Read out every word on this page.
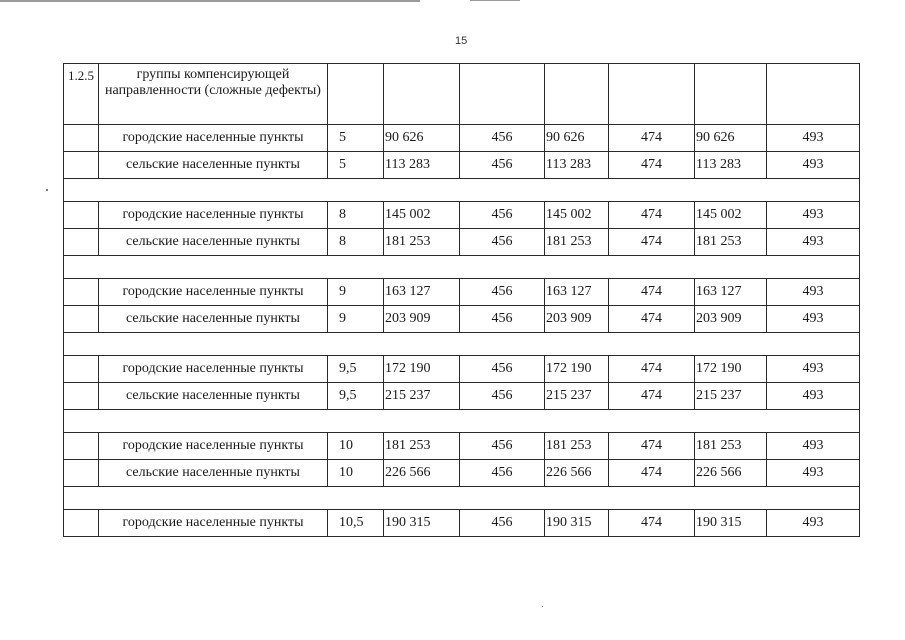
15
1.2.5	группы компенсирующей направленности (сложные дефекты)							
	городские населенные пункты	5	90 626	456	90 626	474	90 626	493
	сельские населенные пункты	5	113 283	456	113 283	474	113 283	493

	городские населенные пункты	8	145 002	456	145 002	474	145 002	493
	сельские населенные пункты	8	181 253	456	181 253	474	181 253	493

	городские населенные пункты	9	163 127	456	163 127	474	163 127	493
	сельские населенные пункты	9	203 909	456	203 909	474	203 909	493

	городские населенные пункты	9,5	172 190	456	172 190	474	172 190	493
	сельские населенные пункты	9,5	215 237	456	215 237	474	215 237	493

	городские населенные пункты	10	181 253	456	181 253	474	181 253	493
	сельские населенные пункты	10	226 566	456	226 566	474	226 566	493

	городские населенные пункты	10,5	190 315	456	190 315	474	190 315	493
